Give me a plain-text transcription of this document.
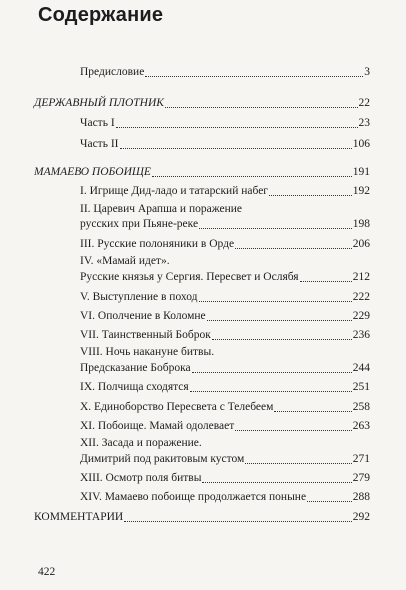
Содержание
Предисловие	3
ДЕРЖАВНЫЙ ПЛОТНИК	22
Часть I	23
Часть II	106
МАМАЕВО ПОБОИЩЕ	191
I. Игрище Дид-ладо и татарский набег	192
II. Царевич Арапша и поражение
русских при Пьяне-реке	198
III. Русские полоняники в Орде	206
IV. «Мамай идет».
Русские князья у Сергия. Пересвет и Ослябя	212
V. Выступление в поход	222
VI. Ополчение в Коломне	229
VII. Таинственный Боброк	236
VIII. Ночь накануне битвы.
Предсказание Боброка	244
IX. Полчища сходятся	251
X. Единоборство Пересвета с Телебеем	258
XI. Побоище. Мамай одолевает	263
XII. Засада и поражение.
Димитрий под ракитовым кустом	271
XIII. Осмотр поля битвы	279
XIV. Мамаево побоище продолжается поныне	288
КОММЕНТАРИИ	292
422
